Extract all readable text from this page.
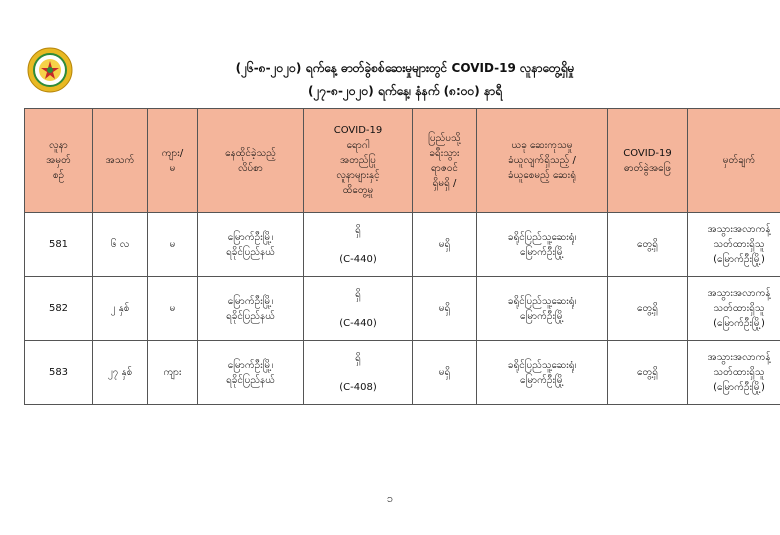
(၂၆-၈-၂၀၂၀) ရက်နေ့ ဓာတ်ခွဲစစ်ဆေးမှုများတွင် COVID-19 လူနာတွေ့ရှိမှု
(၂၇-၈-၂၀၂၀) ရက်နေ့၊ နံနက် (၈:၀၀) နာရီ
လူနာ
အမှတ်
စဉ်	အသက်	ကျား/
မ	နေထိုင်ခဲ့သည့်
လိပ်စာ	COVID-19
ရောဂါ
အတည်ပြု
လူနာများနှင့်
ထိတွေ့မှု	ပြည်ပသို့
ခရီးသွား
ရာဇဝင်
ရှိမရှိ /	ယခု ဆေးကုသမှု
ခံယူလျက်ရှိသည့် /
ခံယူစေမည့် ဆေးရုံ	COVID-19
ဓာတ်ခွဲအဖြေ	မှတ်ချက်

581	၆ လ	မ	မြောက်ဦးမြို့၊
ရခိုင်ပြည်နယ်	ရှိ
(C-440)	မရှိ	ခရိုင်ပြည်သူ့ဆေးရုံ၊
မြောက်ဦးမြို့	တွေ့ရှိ	အသွားအလာကန့်
သတ်ထားရှိသူ
(မြောက်ဦးမြို့)

582	၂ နှစ်	မ	မြောက်ဦးမြို့၊
ရခိုင်ပြည်နယ်	ရှိ
(C-440)	မရှိ	ခရိုင်ပြည်သူ့ဆေးရုံ၊
မြောက်ဦးမြို့	တွေ့ရှိ	အသွားအလာကန့်
သတ်ထားရှိသူ
(မြောက်ဦးမြို့)

583	၂၇ နှစ်	ကျား	မြောက်ဦးမြို့၊
ရခိုင်ပြည်နယ်	ရှိ
(C-408)	မရှိ	ခရိုင်ပြည်သူ့ဆေးရုံ၊
မြောက်ဦးမြို့	တွေ့ရှိ	အသွားအလာကန့်
သတ်ထားရှိသူ
(မြောက်ဦးမြို့)
၁
